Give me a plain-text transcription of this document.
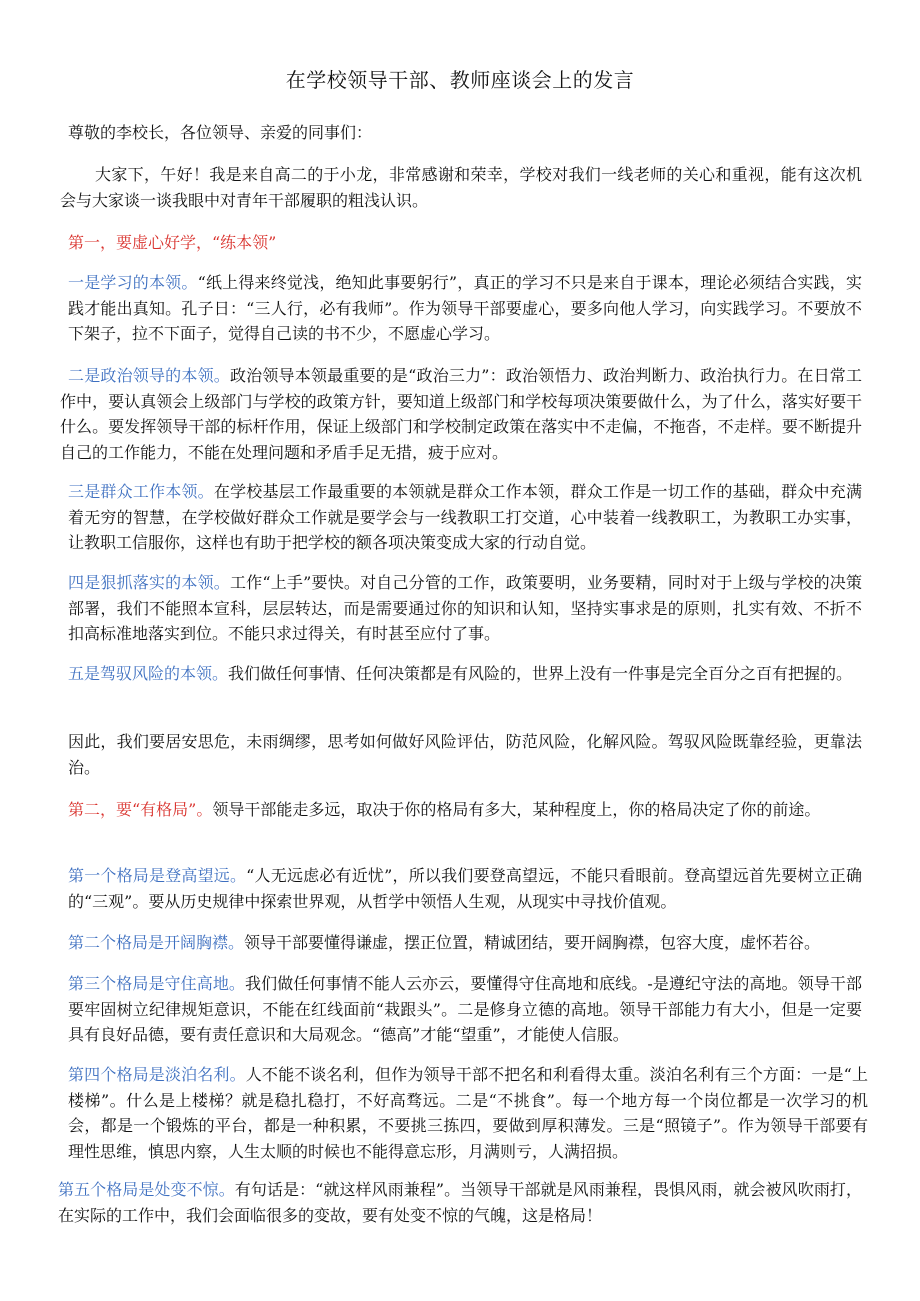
在学校领导干部、教师座谈会上的发言

尊敬的李校长，各位领导、亲爱的同事们：

大家下，午好！我是来自高二的于小龙，非常感谢和荣幸，学校对我们一线老师的关心和重视，能有这次机会与大家谈一谈我眼中对青年干部履职的粗浅认识。

第一，要虚心好学，“练本领”

一是学习的本领。“纸上得来终觉浅，绝知此事要躬行”，真正的学习不只是来自于课本，理论必须结合实践，实践才能出真知。孔子日：“三人行，必有我师”。作为领导干部要虚心，要多向他人学习，向实践学习。不要放不下架子，拉不下面子，觉得自己读的书不少，不愿虚心学习。

二是政治领导的本领。政治领导本领最重要的是“政治三力”：政治领悟力、政治判断力、政治执行力。在日常工作中，要认真领会上级部门与学校的政策方针，要知道上级部门和学校每项决策要做什么，为了什么，落实好要干什么。要发挥领导干部的标杆作用，保证上级部门和学校制定政策在落实中不走偏，不拖沓，不走样。要不断提升自己的工作能力，不能在处理问题和矛盾手足无措，疲于应对。

三是群众工作本领。在学校基层工作最重要的本领就是群众工作本领，群众工作是一切工作的基础，群众中充满着无穷的智慧，在学校做好群众工作就是要学会与一线教职工打交道，心中装着一线教职工，为教职工办实事，让教职工信服你，这样也有助于把学校的额各项决策变成大家的行动自觉。

四是狠抓落实的本领。工作“上手”要快。对自己分管的工作，政策要明，业务要精，同时对于上级与学校的决策部署，我们不能照本宣科，层层转达，而是需要通过你的知识和认知，坚持实事求是的原则，扎实有效、不折不扣高标准地落实到位。不能只求过得关，有时甚至应付了事。

五是驾驭风险的本领。我们做任何事情、任何决策都是有风险的，世界上没有一件事是完全百分之百有把握的。

因此，我们要居安思危，未雨绸缪，思考如何做好风险评估，防范风险，化解风险。驾驭风险既靠经验，更靠法治。

第二，要“有格局”。领导干部能走多远，取决于你的格局有多大，某种程度上，你的格局决定了你的前途。

第一个格局是登高望远。“人无远虑必有近忧”，所以我们要登高望远，不能只看眼前。登高望远首先要树立正确的“三观”。要从历史规律中探索世界观，从哲学中领悟人生观，从现实中寻找价值观。

第二个格局是开阔胸襟。领导干部要懂得谦虚，摆正位置，精诚团结，要开阔胸襟，包容大度，虚怀若谷。

第三个格局是守住高地。我们做任何事情不能人云亦云，要懂得守住高地和底线。-是遵纪守法的高地。领导干部要牢固树立纪律规矩意识，不能在红线面前“栽跟头”。二是修身立德的高地。领导干部能力有大小，但是一定要具有良好品德，要有责任意识和大局观念。“德高”才能“望重”，才能使人信服。

第四个格局是淡泊名利。人不能不谈名利，但作为领导干部不把名和利看得太重。淡泊名利有三个方面：一是“上楼梯”。什么是上楼梯？就是稳扎稳打，不好高骛远。二是“不挑食”。每一个地方每一个岗位都是一次学习的机会，都是一个锻炼的平台，都是一种积累，不要挑三拣四，要做到厚积薄发。三是“照镜子”。作为领导干部要有理性思维，慎思内察，人生太顺的时候也不能得意忘形，月满则亏，人满招损。

第五个格局是处变不惊。有句话是：“就这样风雨兼程”。当领导干部就是风雨兼程，畏惧风雨，就会被风吹雨打，在实际的工作中，我们会面临很多的变故，要有处变不惊的气魄，这是格局！
